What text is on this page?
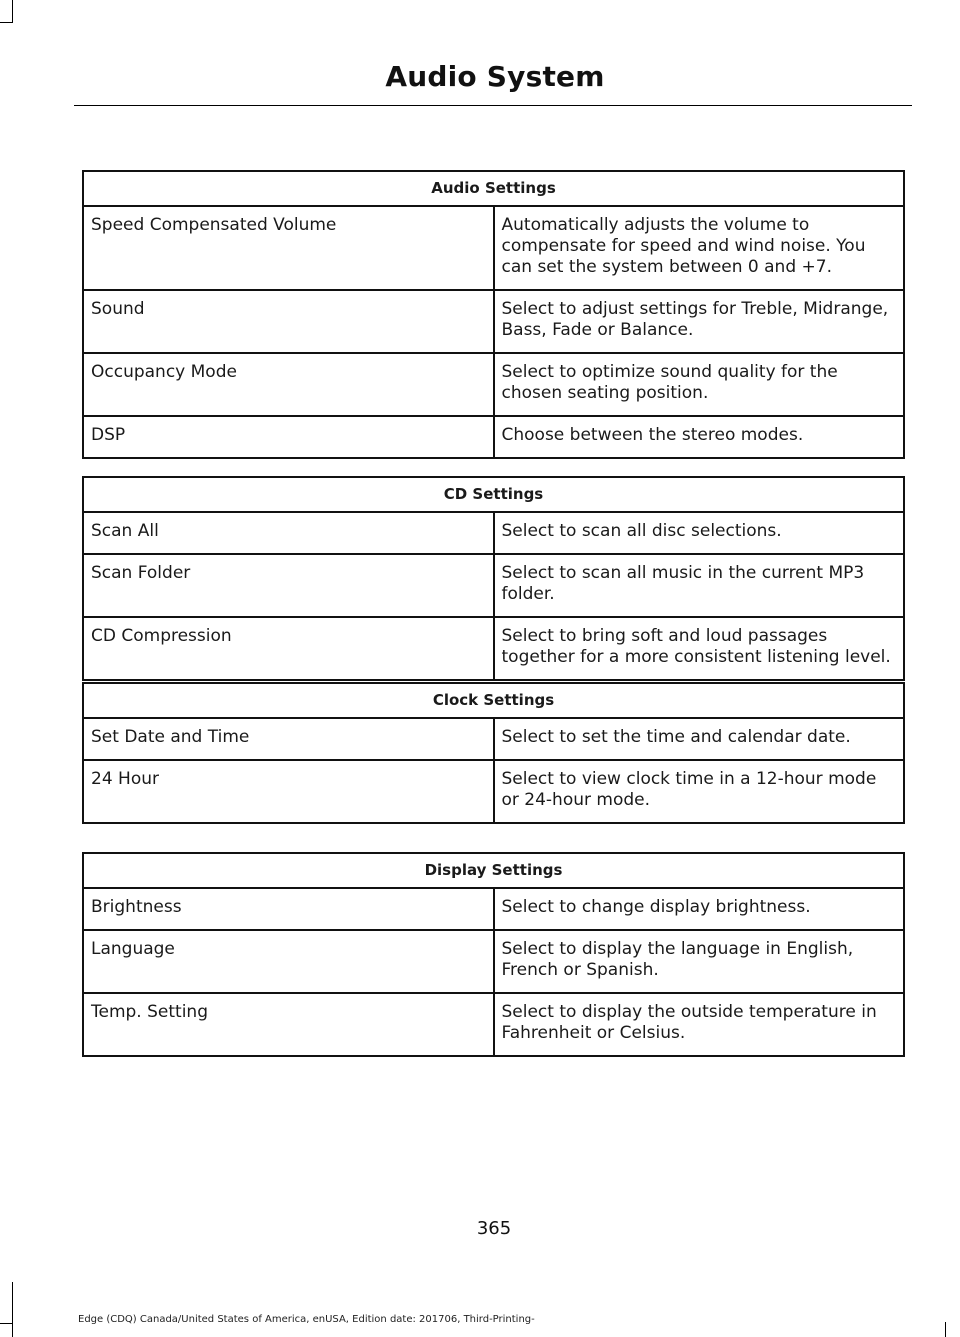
Audio System
Audio Settings	
Speed Compensated Volume	Automatically adjusts the volume to compensate for speed and wind noise. You can set the system between 0 and +7.
Sound	Select to adjust settings for Treble, Midrange, Bass, Fade or Balance.
Occupancy Mode	Select to optimize sound quality for the chosen seating position.
DSP	Choose between the stereo modes.
CD Settings	
Scan All	Select to scan all disc selections.
Scan Folder	Select to scan all music in the current MP3 folder.
CD Compression	Select to bring soft and loud passages together for a more consistent listening level.
Clock Settings	
Set Date and Time	Select to set the time and calendar date.
24 Hour	Select to view clock time in a 12-hour mode or 24-hour mode.
Display Settings	
Brightness	Select to change display brightness.
Language	Select to display the language in English, French or Spanish.
Temp. Setting	Select to display the outside temperature in Fahrenheit or Celsius.
365
Edge (CDQ) Canada/United States of America, enUSA, Edition date: 201706, Third-Printing-
